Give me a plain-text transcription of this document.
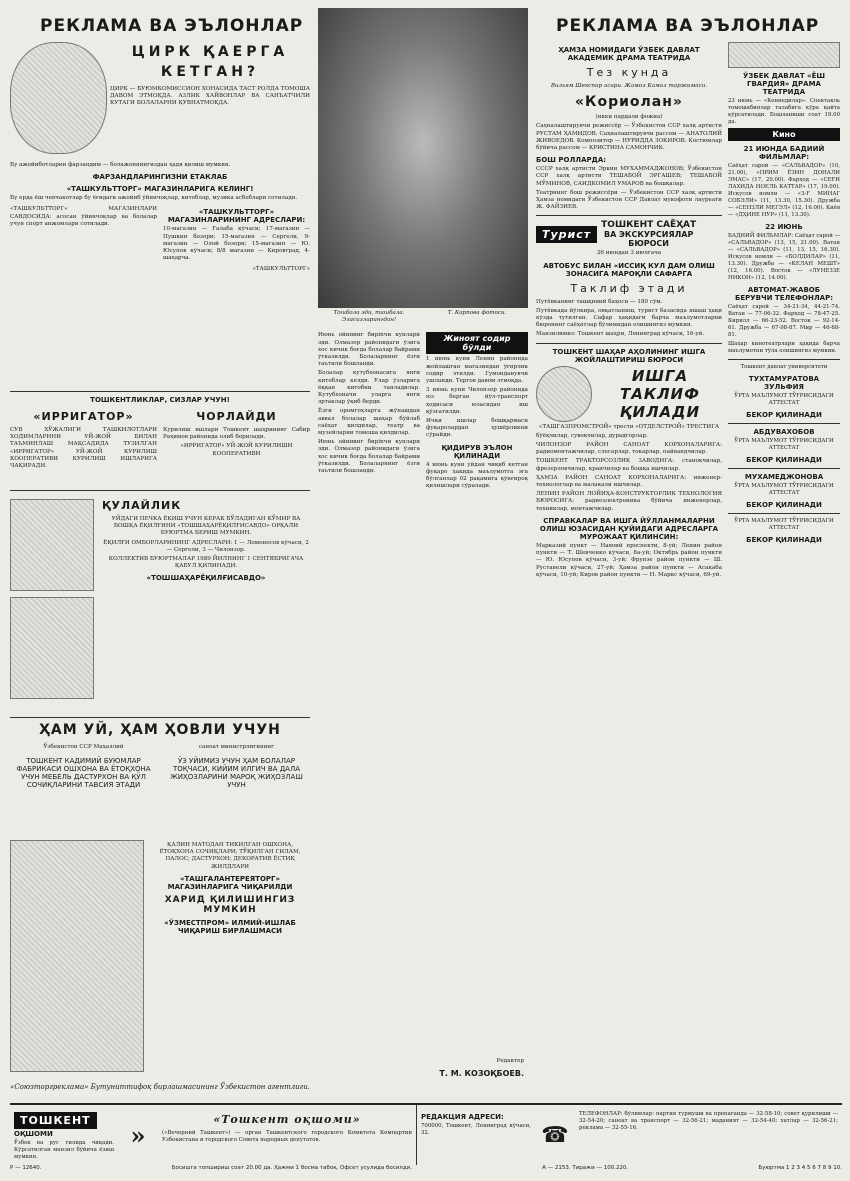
РЕКЛАМА ВА ЭЪЛОНЛАР
ЦИРК ҚАЕРГА
КЕТГАН?
ЦИРК — БУЮМКОМИССИОН ХОНАСИДА ТАСТ РОЛДА ТОМОША ДАВОМ ЭТМОҚДА. АЗЛИК ХАЙВОНЛАР ВА САНЪАТЧИЛИ КУТАГИ БОЛАЛАРНИ ҚУВНАТМОҚДА.
Бу ажойиботларни фарзандим — болажоннингиздан ҳадя қилиш мумкин.
ФАРЗАНДЛАРИНГИЗНИ ЕТАКЛАБ
«ТАШКУЛЬТТОРГ» МАГАЗИНЛАРИГА КЕЛИНГ!
Бу ерда ёш чевчакотлар бу ёғидаги ажойиб ўйинчоқлар, китоблар, музика асбоблари сотилади.
«ТАШКУЛЬТТОРГ» МАГАЗИНЛАРИ САВДОСИДА: асосан ўйинчоқлар ва болалар учун спорт анжомлари сотилади.
«ТАШКУЛЬТТОРГ» МАГАЗИНЛАРИНИНГ АДРЕСЛАРИ:
10-магазин — Ғалаба кўчаси; 17-магазин — Пушкин бозори; 15-магазин — Сергели, 9-магазин — Олой бозори; 15-магазин — Ю. Юсупов кўчаси; 8/8 магазин — Кировград, 4-шаҳарча.
«ТАШКУЛЬТТОРГ»
ТОШКЕНТЛИКЛАР, СИЗЛАР УЧУН!
«ИРРИГАТОР»
СУВ ХЎЖАЛИГИ ТАШКИЛОТЛАРИ ХОДИМЛАРИНИ УЙ-ЖОЙ БИЛАН ТАЪМИНЛАШ МАҚСАДИДА ТУЗИЛГАН «ИРРИГАТОР» УЙ-ЖОЙ КУРИЛИШ КООПЕРАТИВИ КУРИЛИШ ИШЛАРИГА ЧАҚИРАДИ.
ЧОРЛАЙДИ
Курилиш ишлари Тошкент шаҳрининг Сабир Раҳимов районида олиб борилади.
«ИРРИГАТОР» УЙ-ЖОЙ КУРИЛИШИ КООПЕРАТИВИ
ҚУЛАЙЛИК
УЙДАГИ ПЕЧКА ЁКИШ УЧУН КЕРАК БЎЛАДИГАН КЎМИР ВА БОШҚА ЁҚИЛҒИНИ «ТОШШАҲАРЁҚИЛҒИСАВДО» ОРҚАЛИ БУЮРТМА БЕРИШ МУМКИН.
ЁҚИЛҒИ ОМБОРЛАРИНИНГ АДРЕСЛАРИ: 1 — Ломоносов кўчаси, 2 — Сергели, 3 — Чилонзор.
КОЛЛЕКТИВ БУЮРТМАЛАР 1989 ЙИЛНИНГ 1 СЕНТЯБРИГАЧА ҚАБУЛ ҚИЛИНАДИ.
«ТОШШАҲАРЁҚИЛҒИСАВДО»
ҲАМ УЙ, ҲАМ ҲОВЛИ УЧУН
Ўзбекистон ССР Маҳаллий	саноат министрлигининг
ТОШКЕНТ КАДИМИЙ БУЮМЛАР ФАБРИКАСИ ОШХОНА ВА ЁТОҚХОНА УЧУН МЕБЕЛЬ ДАСТУРХОН ВА ҚЎЛ СОЧИҚЛАРИНИ ТАВСИЯ ЭТАДИ
ЎЗ УЙИМИЗ УЧУН ҲАМ БОЛАЛАР ТОҚЧАСИ, КИЙИМ ИЛГИЧ ВА ДАЛА ЖИҲОЗЛАРИНИ МАРОҚ ЖИҲОЗЛАШ УЧУН
ҚАЛИН МАТОДАН ТИКИЛГАН ОШХОНА, ЁТОҚХОНА СОЧИҚЛАРИ; ТЎҚИЛГАН ГИЛАМ, ПАЛОС; ДАСТУРХОН; ДЕКОРАТИВ ЁСТИҚ ЖИЛДЛАРИ
«ТАШГАЛАНТЕРЕЯТОРГ» МАГАЗИНЛАРИГА ЧИҚАРИЛДИ
ХАРИД ҚИЛИШИНГИЗ МУМКИН
«ЎЗМЕСТПРОМ» ИЛМИЙ-ИШЛАБ ЧИҚАРИШ БИРЛАШМАСИ
«Союзторгреклама» Бутуниттифоқ бирлашмасининг Ўзбекистон агентлиги.
Тошбола эди, ташбала. Эласизларингдан!
Т. Карпова фотоси.
Июнь ойининг бирinчи кунлари эди. Олмазор районидаги ўзига хос кичик боғда болалар байрами ўтказилди. Болаларнинг ёзги таътили бошланди.
Болалар кутубхонасига янги китоблар келди. Улар ўзларига ёққан китобни танладилар. Кутубхоначи уларга янги эртаклар ўқиб берди.
Ёзги оромгоҳларга жўнашдан аввал болалар шаҳар бўйлаб саёҳат қилдилар, театр ва музейларни томоша қилдилар.
Июнь ойининг бирinчи кунлари эди. Олмазор районидаги ўзига хос кичик боғда болалар байрами ўтказилди. Болаларнинг ёзги таътили бошланди.
Жиноят содир бўлди
1 июнь куни Ленин районида жойлашган магазиндан ўғирлик содир этилди. Гумонданувчи ушланди. Тергов давом этмоқда.
3 июнь куни Чилонзор районида юз берган йўл-транспорт ҳодисаси юзасидан иш қўзғатилди.
Ички ишлар бошқармаси фуқаролардан ҳушёрликни сўрайди.
ҚИДИРУВ ЭЪЛОН ҚИЛИНАДИ
4 июнь куни уйдан чиқиб кетган фуқаро ҳақида маълумотга эга бўлганлар 02 рақамига қўнғироқ қилишлари сўралади.
Редактор
Т. М. КОЗОҚБОЕВ.
РЕКЛАМА ВА ЭЪЛОНЛАР
ҲАМЗА НОМИДАГИ ЎЗБЕК ДАВЛАТ АКАДЕМИК ДРАМА ТЕАТРИДА
Тез кунда
Вильям Шекспир асари. Жамол Камал таржимаси.
«Кориолан»
(икки пардали фожиа)
Саҳналаштирувчи режиссёр — Ўзбекистон ССР халқ артисти РУСТАМ ҲАМИДОВ. Саҳналаштирувчи рассом — АНАТОЛИЙ ЖИВОЕДОВ. Композитор — НУРИДДА ЗОКИРОВ. Костюмлар бўйича рассом — КРИСТИНА САМОНЧИК.
БОШ РОЛЛАРДА:
СССР халқ артисти Эркин МУХАММАДЖОНОВ; Ўзбекистон ССР халқ артисти ТЕШАБОЙ ЭРГАШЕВ; ТЕШАБОЙ МЎМИНОВ, САИДКОМИЛ УМАРОВ ва бошқалар.
Театрнинг бош режиссёри — Ўзбекистон ССР халқ артисти Ҳамза номидаги Ўзбекистон ССР Давлат мукофоти лауреати Ж. ФАЙЗИЕВ.
Турист
ТОШКЕНТ САЁҲАТ
ВА ЭКСКУРСИЯЛАР
БЮРОСИ
26 июндан 3 июлгача
АВТОБУС БИЛАН «ИССИҚ КУЛ ДАМ ОЛИШ ЗОНАСИГА МАРОҚЛИ САФАРГА
Таклиф этади
Путёвканинг ташқиний баҳоси — 180 сўм.
Путёвкада йўлкира, овқатланиш, турист базасида яшаш ҳақи кўзда тутилган. Сафар ҳақидаги барча маълумотларни бюронинг саёҳатлар бўлимидан олишингиз мумкин.
Манзилимиз: Тошкент шаҳри, Ленинград кўчаси, 16-уй.
ТОШКЕНТ ШАҲАР АҲОЛИНИНГ ИШГА ЖОЙЛАШТИРИШ БЮРОСИ
ИШГА
ТАКЛИФ
ҚИЛАДИ
«ТАШГАЗПРОМСТРОЙ» трести «ОТДЕЛСТРОЙ» ТРЕСТИГА
бўёқчилар, сувоқчилар, дурадгорлар.
ЧИЛОНЗОР РАЙОН САНОАТ КОРХОНАЛАРИГА: радиомонтажчилар, слесарлар, токарлар, пайвандчилар.
ТОШКЕНТ ТРАКТОРСОЗЛИК ЗАВОДИГА: станокчилар, фрезерловчилар, кранчилар ва бошқа ишчилар.
ҲАМЗА РАЙОН САНОАТ КОРХОНАЛАРИГА: инженер-технологлар ва малакали ишчилар.
ЛЕНИН РАЙОН ЛОЙИҲА-КОНСТРУКТОРЛИК ТЕХНОЛОГИЯ БЮРОСИГА: радиоэлектроника бўйича инженерлар, техниклар, монтажчилар.
СПРАВКАЛАР ВА ИШГА ЙЎЛЛАНМАЛАРНИ ОЛИШ ЮЗАСИДАН ҚУЙИДАГИ АДРЕСЛАРГА МУРОЖААТ ҚИЛИНСИН:
Марказий пункт — Навоий проспекти, 8-уй; Ленин район пункти — Т. Шевченко кўчаси, 8а-уй; Октябрь район пункти — Ю. Юсупов кўчаси, 3-уй; Фрунзе район пункти — Ш. Руставели кўчаси, 27-уй; Ҳамза район пункти — Асакаба кўчаси, 10-уй; Киров район пункти — Н. Маркс кўчаси, 69-уй.
ЎЗБЕК ДАВЛАТ «ЁШ ГВАРДИЯ» ДРАМА ТЕАТРИДА
23 июнь — «Кеннедилар». Спектакль томошабинлар талабига кўра қайта кўрсатилади. Бошланиши соат 19.00 да.
Кино
21 ИЮНДА БАДИИЙ ФИЛЬМЛАР:
Саёҳат сарой — «САЛЬВАДОР» (10, 21.00), «ПРИМ ЁЗИН ДОНАЛИ ЭМАС» (17, 20.00). Фарҳод — «СЕҒИ ЛАХИДА НОЕЛЬ КАТТАР» (17, 19.00). Искусов номли — «З-Ғ МИНАГ СОБЭЛИ» (11, 13.30, 15.30). Дружба — «СЕНЗЛИ МЕГЭЛ» (12, 16.00). Киёв — «ДҲИНЕ НУР» (11, 13.30).
22 ИЮНЬ
БАДИИЙ ФИЛЬМЛАР: Саёҳат сарой — «САЛЬВАДОР» (13, 15, 21.00). Ватан — «САЛЬВАДОР» (11, 13, 15, 16.30). Искусов номли — «БОЛДИЛАР» (11, 13.30). Дружба — «КЕЛАН МЕШТ» (12, 16.00). Восток — «ЛУНЕЗЗЕ НИКОН» (12, 14.00).
АВТОМАТ-ЖАВОБ БЕРУВЧИ ТЕЛЕФОНЛАР:
Саёҳат сарой — 34-21-34, 44-21-74. Ватан — 77-06-32. Фарҳод — 78-47-25. Кирилл — 66-23-52. Восток — 92-14-61. Дружба — 67-98-87. Мир — 46-68-81.
Шаҳар кинотеатрлари ҳақида барча маълумотни тўла олишингиз мумкин.
Тошкент давлат университети
ТУХТАМУРАТОВА ЗУЛЬФИЯ
ЎРТА МАЪЛУМОТ ТЎҒРИСИДАГИ АТТЕСТАТ
БЕКОР ҚИЛИНАДИ
АБДУВАХОБОВ
ЎРТА МАЪЛУМОТ ТЎҒРИСИДАГИ АТТЕСТАТ
БЕКОР ҚИЛИНАДИ
МУХАМЕДЖОНОВА
ЎРТА МАЪЛУМОТ ТЎҒРИСИДАГИ АТТЕСТАТ
БЕКОР ҚИЛИНАДИ
ЎРТА МАЪЛУМОТ ТЎҒРИСИДАГИ АТТЕСТАТ
БЕКОР ҚИЛИНАДИ
ТОШКЕНТ
ОҚШОМИ
Ўзбек ва рус тилида чиқади. Кўрсатилган манзил бўйича ёзиш мумкин.
»
«Тошкент оқшоми»
(«Вечерний Ташкент») — орган Ташкентского городского Комитета Компартии Узбекистана и городского Совета народных депутатов.
РЕДАКЦИЯ АДРЕСИ:
700000, Тошкент, Ленинград кўчаси, 32.	☎
ТЕЛЕФОНЛАР: бўлимлар: партия турмуши ва пропаганда — 32-58-10; совет қурилиши — 32-54-20; саноат ва транспорт — 32-56-21; маданият — 32-54-40; хатлар — 32-56-21; реклама — 32-55-16.
Р — 12640.	Босишга топшириш соат 20.00 да. Ҳажми 1 босма табоқ. Офсет усулида босилди.	А — 2153. Тиражи — 100.220.	Буюртма 1 2 3 4 5 6 7 8 9 10.
